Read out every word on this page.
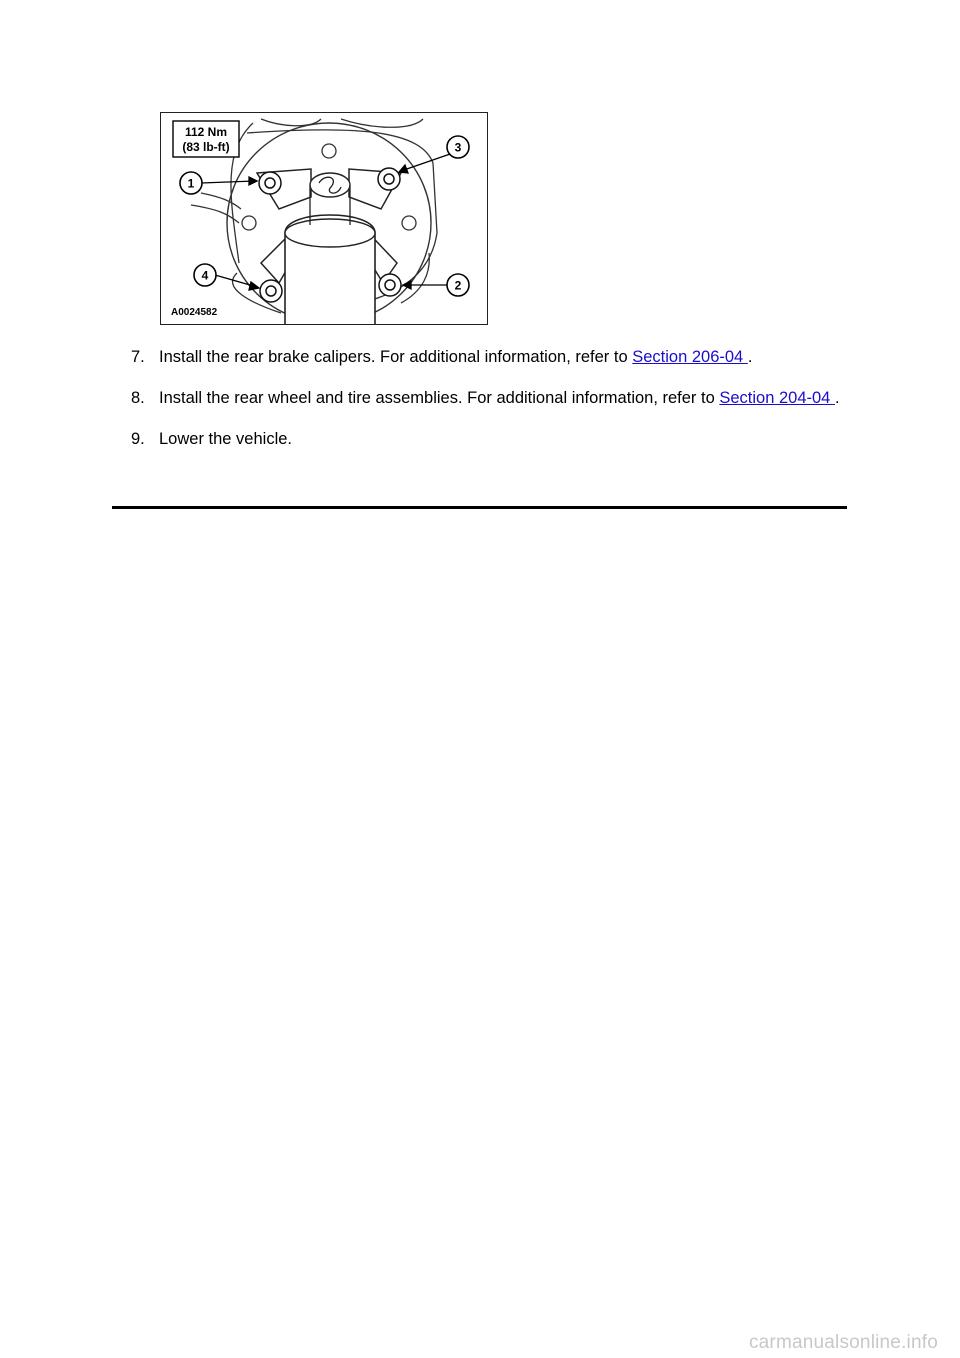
1
2
3
4
112 Nm
(83 lb-ft)
A0024582
7. Install the rear brake calipers. For additional information, refer to Section 206-04 .
8. Install the rear wheel and tire assemblies. For additional information, refer to Section 204-04 .
9. Lower the vehicle.
carmanualsonline.info
